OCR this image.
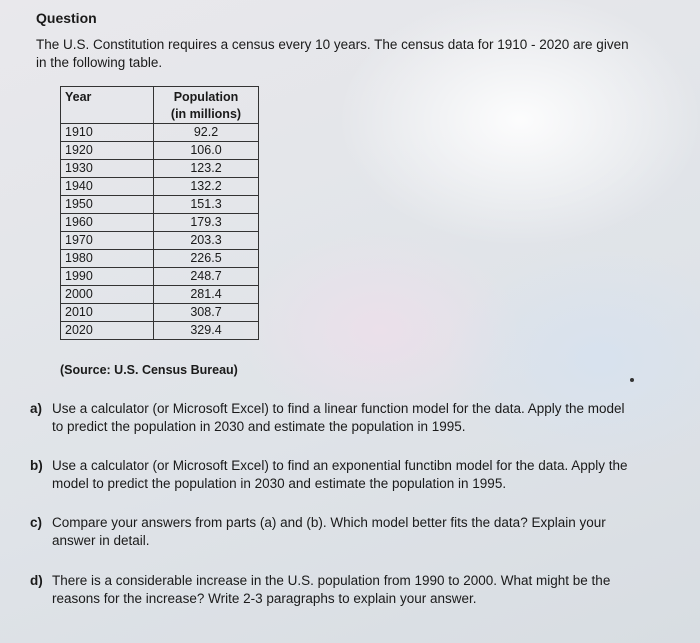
Question
The U.S. Constitution requires a census every 10 years. The census data for 1910 - 2020 are given in the following table.
Year	Population
(in millions)

1910	92.2
1920	106.0
1930	123.2
1940	132.2
1950	151.3
1960	179.3
1970	203.3
1980	226.5
1990	248.7
2000	281.4
2010	308.7
2020	329.4
(Source: U.S. Census Bureau)
a) Use a calculator (or Microsoft Excel) to find a linear function model for the data. Apply the model to predict the population in 2030 and estimate the population in 1995.
b) Use a calculator (or Microsoft Excel) to find an exponential functibn model for the data. Apply the model to predict the population in 2030 and estimate the population in 1995.
c) Compare your answers from parts (a) and (b). Which model better fits the data? Explain your answer in detail.
d) There is a considerable increase in the U.S. population from 1990 to 2000. What might be the reasons for the increase? Write 2-3 paragraphs to explain your answer.
